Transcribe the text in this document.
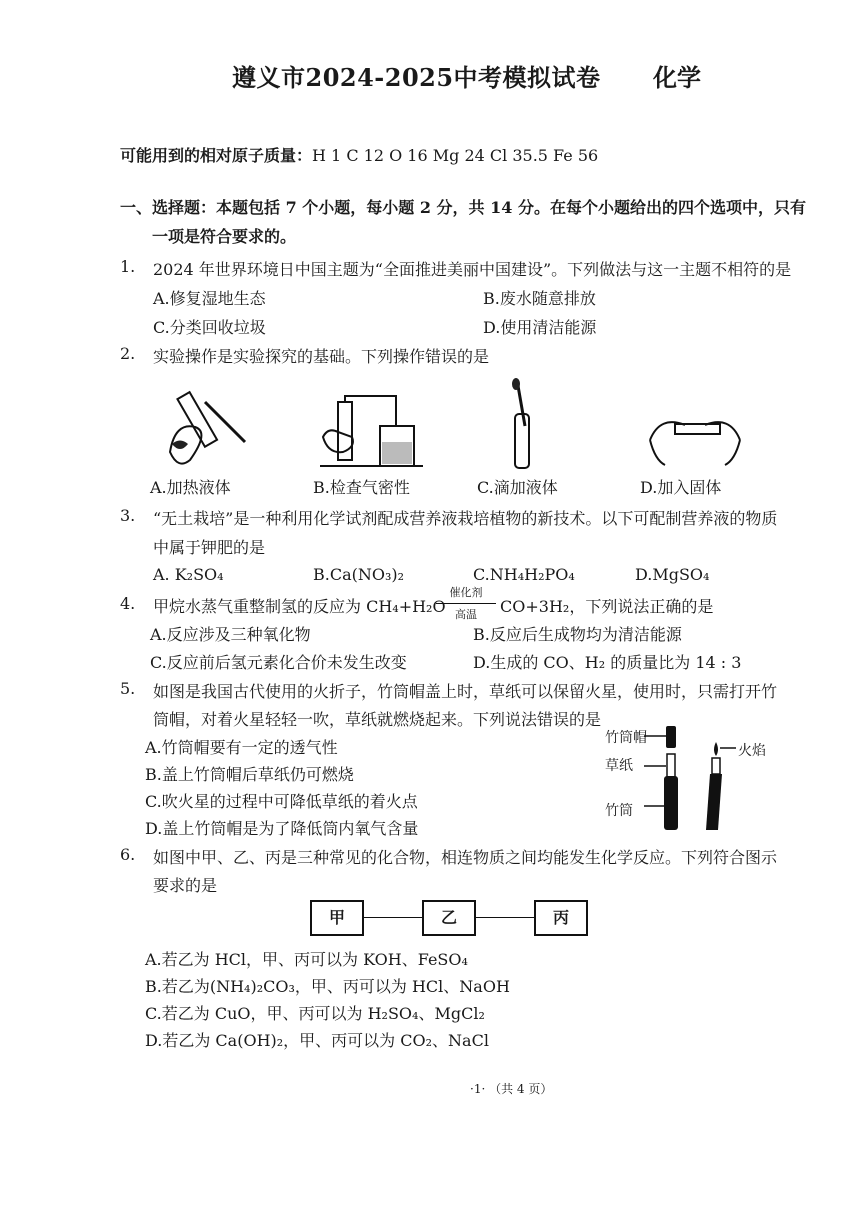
遵义市2024-2025中考模拟试卷 化学
可能用到的相对原子质量：H 1 C 12 O 16 Mg 24 Cl 35.5 Fe 56
一、选择题：本题包括 7 个小题，每小题 2 分，共 14 分。在每个小题给出的四个选项中，只有
一项是符合要求的。
1. 2024 年世界环境日中国主题为“全面推进美丽中国建设”。下列做法与这一主题不相符的是
A.修复湿地生态	B.废水随意排放
C.分类回收垃圾	D.使用清洁能源
2. 实验操作是实验探究的基础。下列操作错误的是
A.加热液体	B.检查气密性	C.滴加液体	D.加入固体
3. “无土栽培”是一种利用化学试剂配成营养液栽培植物的新技术。以下可配制营养液的物质
中属于钾肥的是
A. K₂SO₄	B.Ca(NO₃)₂	C.NH₄H₂PO₄	D.MgSO₄
4. 甲烷水蒸气重整制氢的反应为 CH₄+H₂O
催化剂
高温	CO+3H₂，下列说法正确的是
A.反应涉及三种氧化物	B.反应后生成物均为清洁能源
C.反应前后氢元素化合价未发生改变	D.生成的 CO、H₂ 的质量比为 14 : 3
5. 如图是我国古代使用的火折子，竹筒帽盖上时，草纸可以保留火星，使用时，只需打开竹
筒帽，对着火星轻轻一吹，草纸就燃烧起来。下列说法错误的是
A.竹筒帽要有一定的透气性
B.盖上竹筒帽后草纸仍可燃烧
C.吹火星的过程中可降低草纸的着火点
D.盖上竹筒帽是为了降低筒内氧气含量
竹筒帽
草纸
竹筒
火焰
6. 如图中甲、乙、丙是三种常见的化合物，相连物质之间均能发生化学反应。下列符合图示
要求的是
甲	乙	丙
A.若乙为 HCl，甲、丙可以为 KOH、FeSO₄
B.若乙为(NH₄)₂CO₃，甲、丙可以为 HCl、NaOH
C.若乙为 CuO，甲、丙可以为 H₂SO₄、MgCl₂
D.若乙为 Ca(OH)₂，甲、丙可以为 CO₂、NaCl
·1· （共 4 页）
